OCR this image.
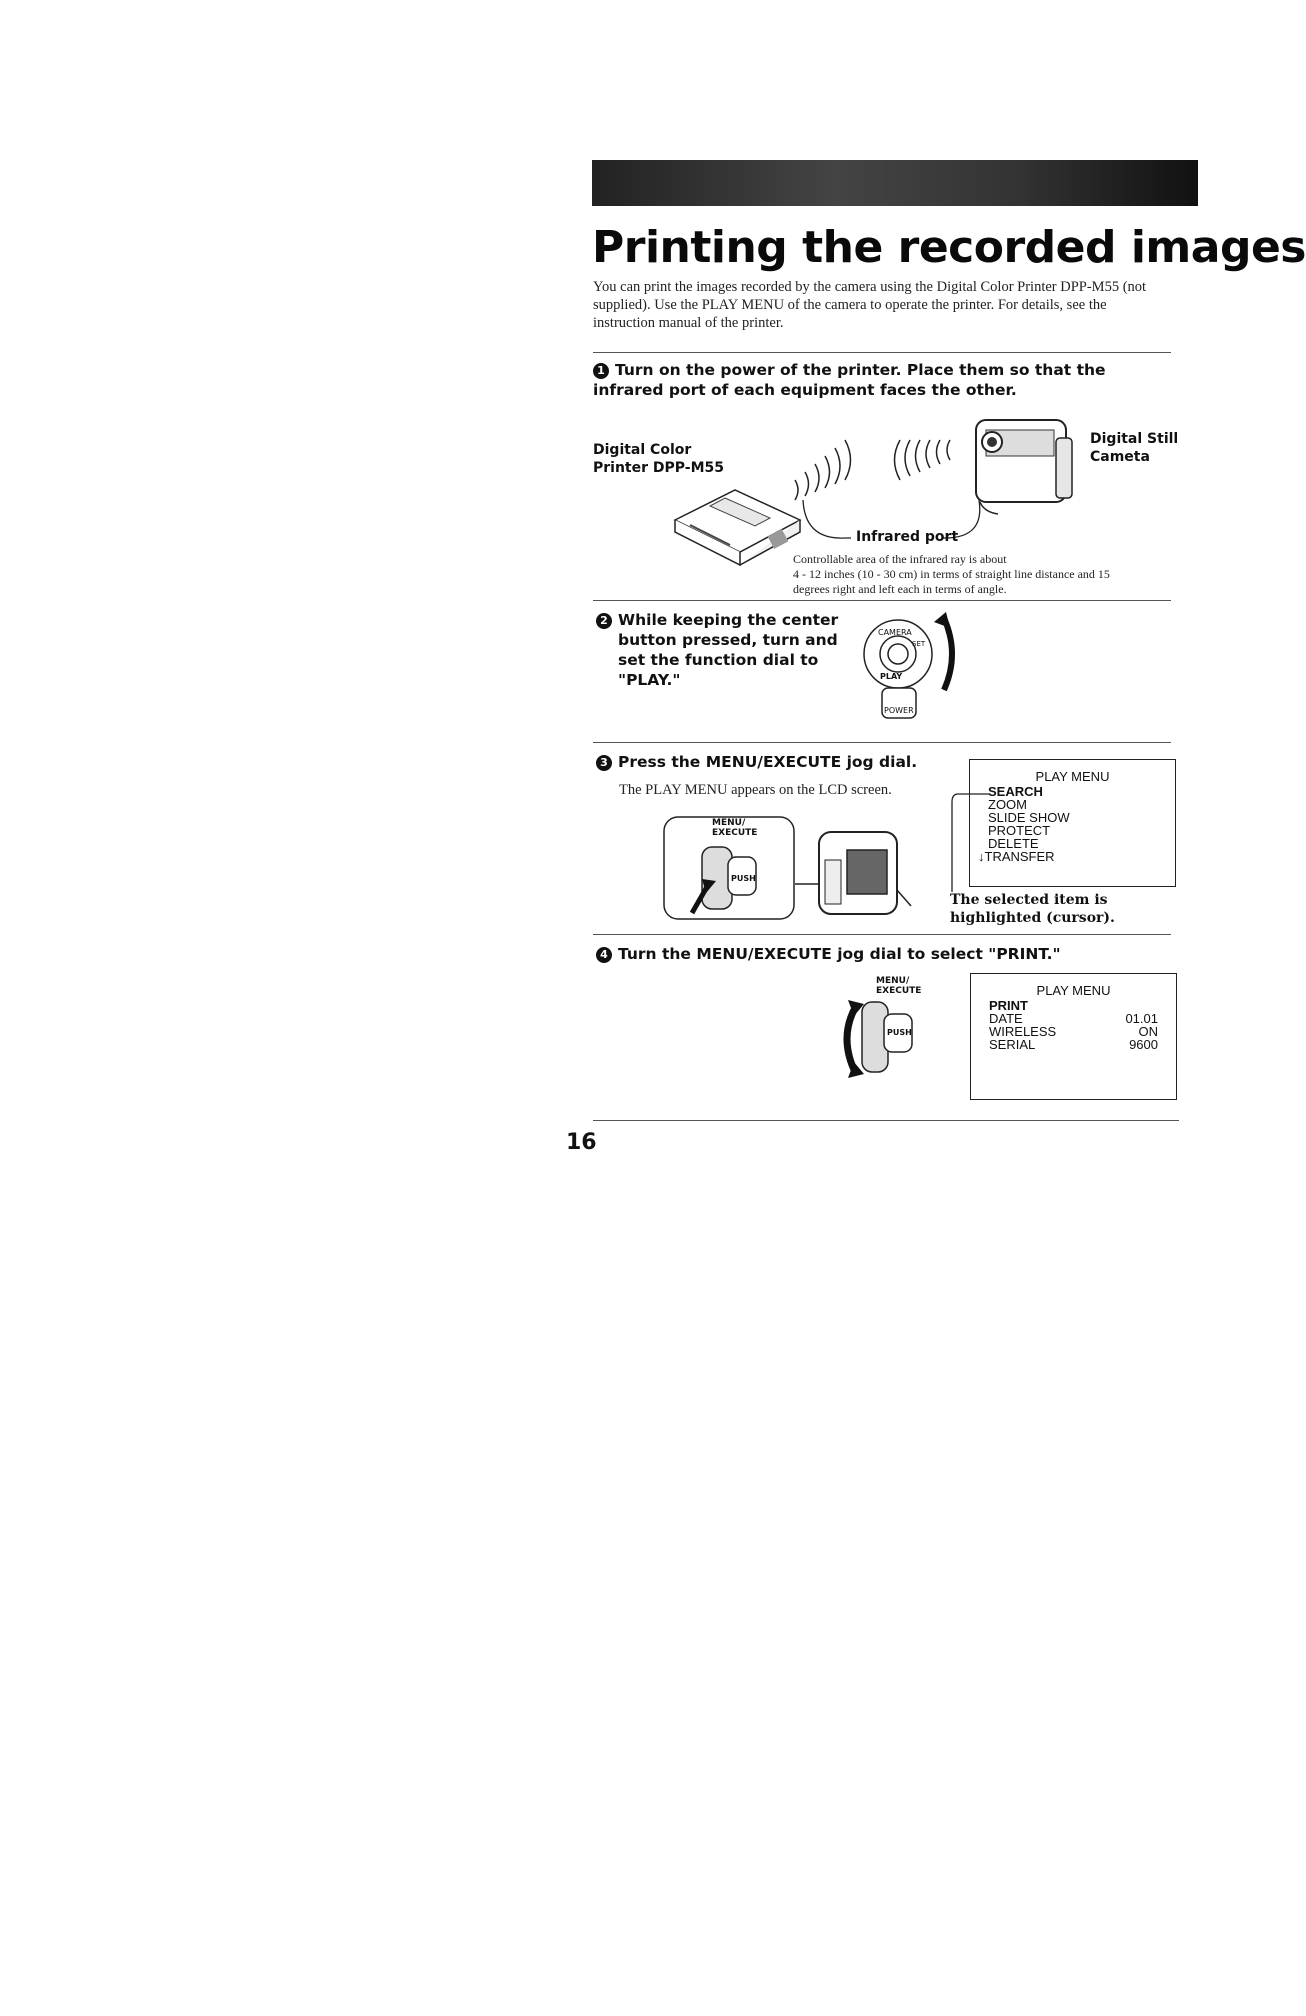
Printing the recorded images
You can print the images recorded by the camera using the Digital Color Printer DPP-M55 (not supplied). Use the PLAY MENU of the camera to operate the printer. For details, see the instruction manual of the printer.
1 Turn on the power of the printer. Place them so that the infrared port of each equipment faces the other.
Digital Color
Printer DPP-M55
Digital Still
Cameta
Infrared port
Controllable area of the infrared ray is about
4 - 12 inches (10 - 30 cm) in terms of straight line distance and 15
degrees right and left each in terms of angle.
2 While keeping the center
button pressed, turn and
set the function dial to
"PLAY."
CAMERA
PLAY
SET
POWER
3 Press the MENU/EXECUTE jog dial.
The PLAY MENU appears on the LCD screen.
MENU/
EXECUTE
PUSH
PLAY MENU
SEARCH
ZOOM
SLIDE SHOW
PROTECT
DELETE
↓TRANSFER
The selected item is
highlighted (cursor).
4 Turn the MENU/EXECUTE jog dial to select "PRINT."
MENU/
EXECUTE
PUSH
PLAY MENU
PRINT
DATE	01.01
WIRELESS	ON
SERIAL	9600
16
